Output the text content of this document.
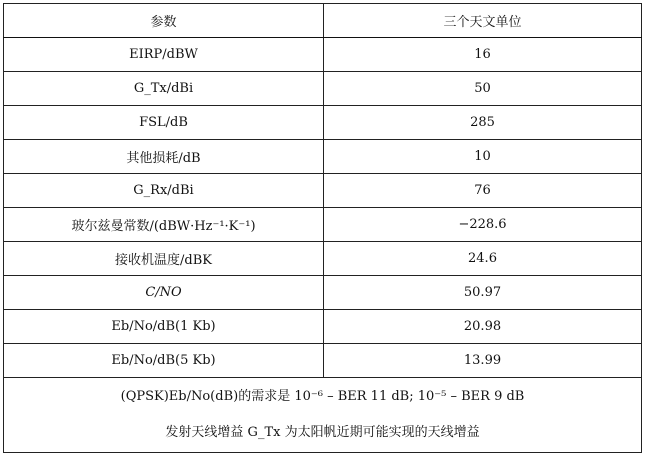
参数	三个天文单位
EIRP/dBW	16
G_Tx/dBi	50
FSL/dB	285
其他损耗/dB	10
G_Rx/dBi	76
玻尔兹曼常数/(dBW·Hz⁻¹·K⁻¹)	−228.6
接收机温度/dBK	24.6
C/NO	50.97
Eb/No/dB(1 Kb)	20.98
Eb/No/dB(5 Kb)	13.99

(QPSK)Eb/No(dB)的需求是 10⁻⁶ – BER 11 dB; 10⁻⁵ – BER 9 dB
发射天线增益 G_Tx 为太阳帆近期可能实现的天线增益	
